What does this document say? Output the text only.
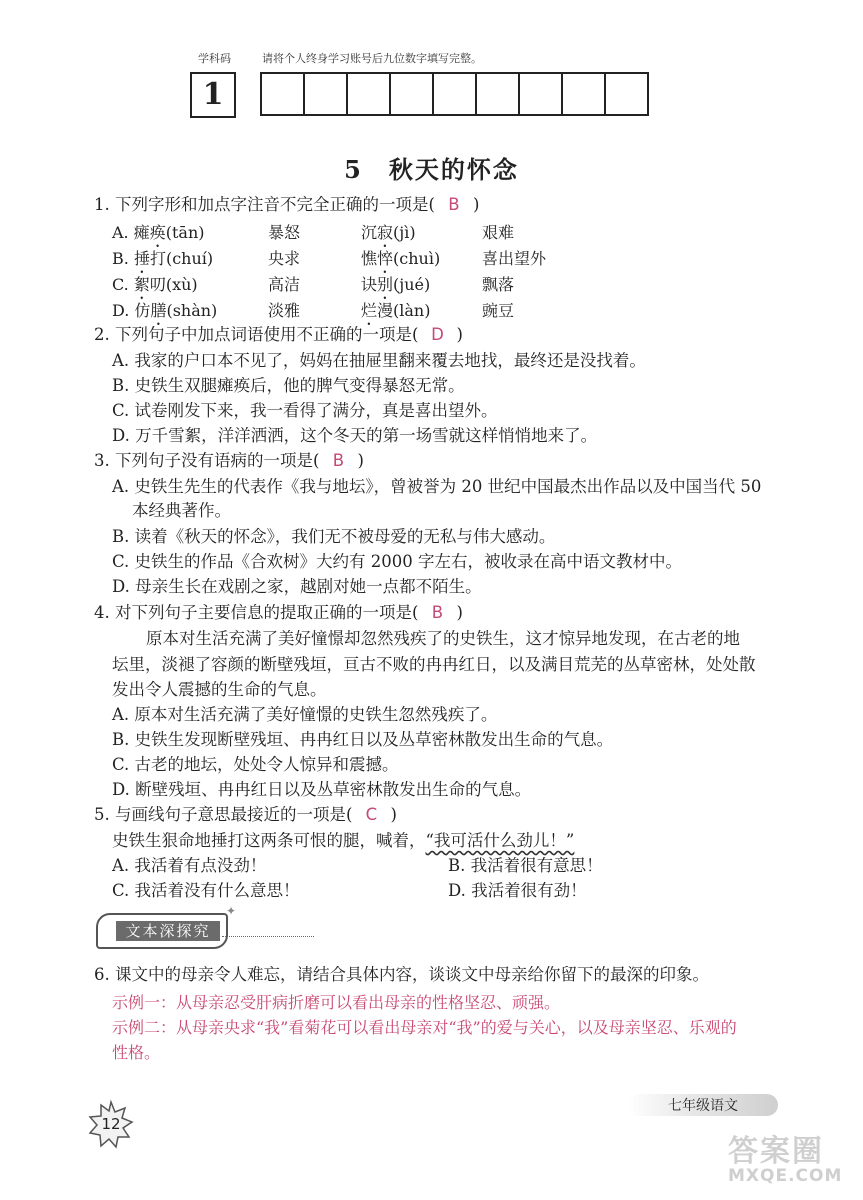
学科码	请将个人终身学习账号后九位数字填写完整。
1
5　秋天的怀念
1. 下列字形和加点字注音不完全正确的一项是( B )
A. 瘫痪(tān)	暴怒	沉寂(jì)	艰难
B. 捶打(chuí)	央求	憔悴(chuì)	喜出望外
C. 絮叨(xù)	高洁	诀别(jué)	飘落
D. 仿膳(shàn)	淡雅	烂漫(làn)	豌豆
2. 下列句子中加点词语使用不正确的一项是( D )
A. 我家的户口本不见了，妈妈在抽屉里翻来覆去地找，最终还是没找着。
B. 史铁生双腿瘫痪后，他的脾气变得暴怒无常。
C. 试卷刚发下来，我一看得了满分，真是喜出望外。
D. 万千雪絮，洋洋洒洒，这个冬天的第一场雪就这样悄悄地来了。
3. 下列句子没有语病的一项是( B )
A. 史铁生先生的代表作《我与地坛》，曾被誉为 20 世纪中国最杰出作品以及中国当代 50
本经典著作。
B. 读着《秋天的怀念》，我们无不被母爱的无私与伟大感动。
C. 史铁生的作品《合欢树》大约有 2000 字左右，被收录在高中语文教材中。
D. 母亲生长在戏剧之家，越剧对她一点都不陌生。
4. 对下列句子主要信息的提取正确的一项是( B )
原本对生活充满了美好憧憬却忽然残疾了的史铁生，这才惊异地发现，在古老的地
坛里，淡褪了容颜的断壁残垣，亘古不败的冉冉红日，以及满目荒芜的丛草密林，处处散
发出令人震撼的生命的气息。
A. 原本对生活充满了美好憧憬的史铁生忽然残疾了。
B. 史铁生发现断壁残垣、冉冉红日以及丛草密林散发出生命的气息。
C. 古老的地坛，处处令人惊异和震撼。
D. 断壁残垣、冉冉红日以及丛草密林散发出生命的气息。
5. 与画线句子意思最接近的一项是( C )
史铁生狠命地捶打这两条可恨的腿，喊着，“我可活什么劲儿！”
A. 我活着有点没劲！	B. 我活着很有意思！
C. 我活着没有什么意思！	D. 我活着很有劲！
文本深探究
✦
6. 课文中的母亲令人难忘，请结合具体内容，谈谈文中母亲给你留下的最深的印象。
示例一：从母亲忍受肝病折磨可以看出母亲的性格坚忍、顽强。
示例二：从母亲央求“我”看菊花可以看出母亲对“我”的爱与关心，以及母亲坚忍、乐观的
性格。
12
七年级语文
答案圈
MXQE.COM
